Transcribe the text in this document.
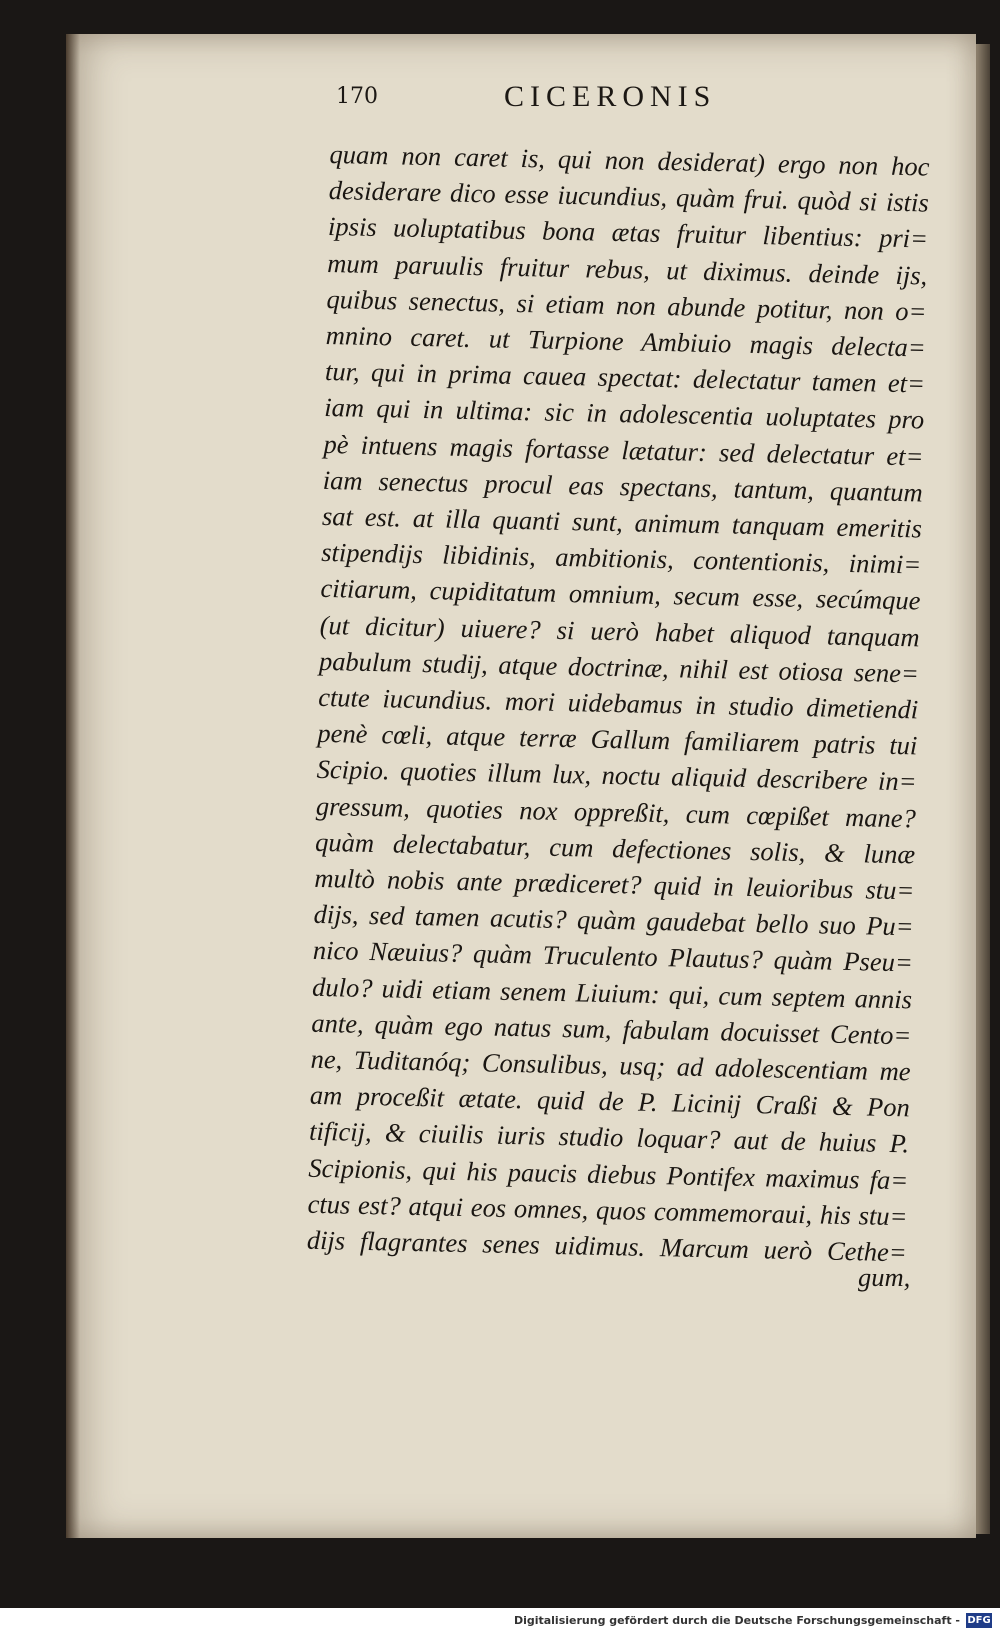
170	CICERONIS
quam non caret is, qui non desiderat) ergo non hoc
desiderare dico esse iucundius, quàm frui. quòd si istis
ipsis uoluptatibus bona ætas fruitur libentius: pri=
mum paruulis fruitur rebus, ut diximus. deinde ijs,
quibus senectus, si etiam non abunde potitur, non o=
mnino caret. ut Turpione Ambiuio magis delecta=
tur, qui in prima cauea spectat: delectatur tamen et=
iam qui in ultima: sic in adolescentia uoluptates pro
pè intuens magis fortasse lætatur: sed delectatur et=
iam senectus procul eas spectans, tantum, quantum
sat est. at illa quanti sunt, animum tanquam emeritis
stipendijs libidinis, ambitionis, contentionis, inimi=
citiarum, cupiditatum omnium, secum esse, secúmque
(ut dicitur) uiuere? si uerò habet aliquod tanquam
pabulum studij, atque doctrinæ, nihil est otiosa sene=
ctute iucundius. mori uidebamus in studio dimetiendi
penè cœli, atque terræ Gallum familiarem patris tui
Scipio. quoties illum lux, noctu aliquid describere in=
gressum, quoties nox oppreßit, cum cœpißet mane?
quàm delectabatur, cum defectiones solis, & lunæ
multò nobis ante prædiceret? quid in leuioribus stu=
dijs, sed tamen acutis? quàm gaudebat bello suo Pu=
nico Næuius? quàm Truculento Plautus? quàm Pseu=
dulo? uidi etiam senem Liuium: qui, cum septem annis
ante, quàm ego natus sum, fabulam docuisset Cento=
ne, Tuditanóq; Consulibus, usq; ad adolescentiam me
am proceßit ætate. quid de P. Licinij Craßi & Pon
tificij, & ciuilis iuris studio loquar? aut de huius P.
Scipionis, qui his paucis diebus Pontifex maximus fa=
ctus est? atqui eos omnes, quos commemoraui, his stu=
dijs flagrantes senes uidimus. Marcum uerò Cethe=
gum,
Digitalisierung gefördert durch die Deutsche Forschungsgemeinschaft - DFG
